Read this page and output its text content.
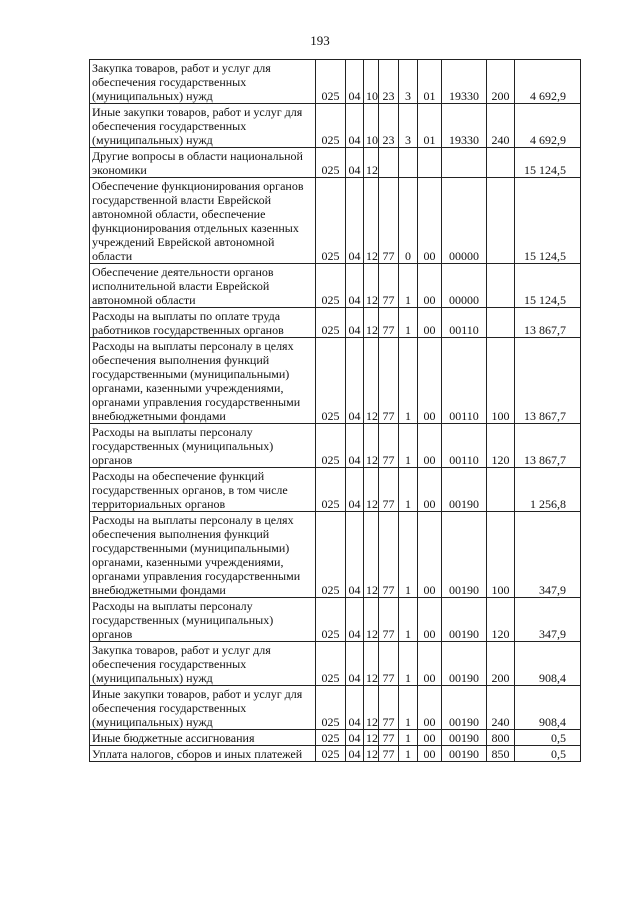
193
Закупка товаров, работ и услуг для обеспечения государственных (муниципальных) нужд	025	04	10	23	3	01	19330	200	4 692,9
Иные закупки товаров, работ и услуг для обеспечения государственных (муниципальных) нужд	025	04	10	23	3	01	19330	240	4 692,9
Другие вопросы в области национальной экономики	025	04	12						15 124,5
Обеспечение функционирования органов государственной власти Еврейской автономной области, обеспечение функционирования отдельных казенных учреждений Еврейской автономной области	025	04	12	77	0	00	00000		15 124,5
Обеспечение деятельности органов исполнительной власти Еврейской автономной области	025	04	12	77	1	00	00000		15 124,5
Расходы на выплаты по оплате труда работников государственных органов	025	04	12	77	1	00	00110		13 867,7
Расходы на выплаты персоналу в целях обеспечения выполнения функций государственными (муниципальными) органами, казенными учреждениями, органами управления государственными внебюджетными фондами	025	04	12	77	1	00	00110	100	13 867,7
Расходы на выплаты персоналу государственных (муниципальных) органов	025	04	12	77	1	00	00110	120	13 867,7
Расходы на обеспечение функций государственных органов, в том числе территориальных органов	025	04	12	77	1	00	00190		1 256,8
Расходы на выплаты персоналу в целях обеспечения выполнения функций государственными (муниципальными) органами, казенными учреждениями, органами управления государственными внебюджетными фондами	025	04	12	77	1	00	00190	100	347,9
Расходы на выплаты персоналу государственных (муниципальных) органов	025	04	12	77	1	00	00190	120	347,9
Закупка товаров, работ и услуг для обеспечения государственных (муниципальных) нужд	025	04	12	77	1	00	00190	200	908,4
Иные закупки товаров, работ и услуг для обеспечения государственных (муниципальных) нужд	025	04	12	77	1	00	00190	240	908,4
Иные бюджетные ассигнования	025	04	12	77	1	00	00190	800	0,5
Уплата налогов, сборов и иных платежей	025	04	12	77	1	00	00190	850	0,5
